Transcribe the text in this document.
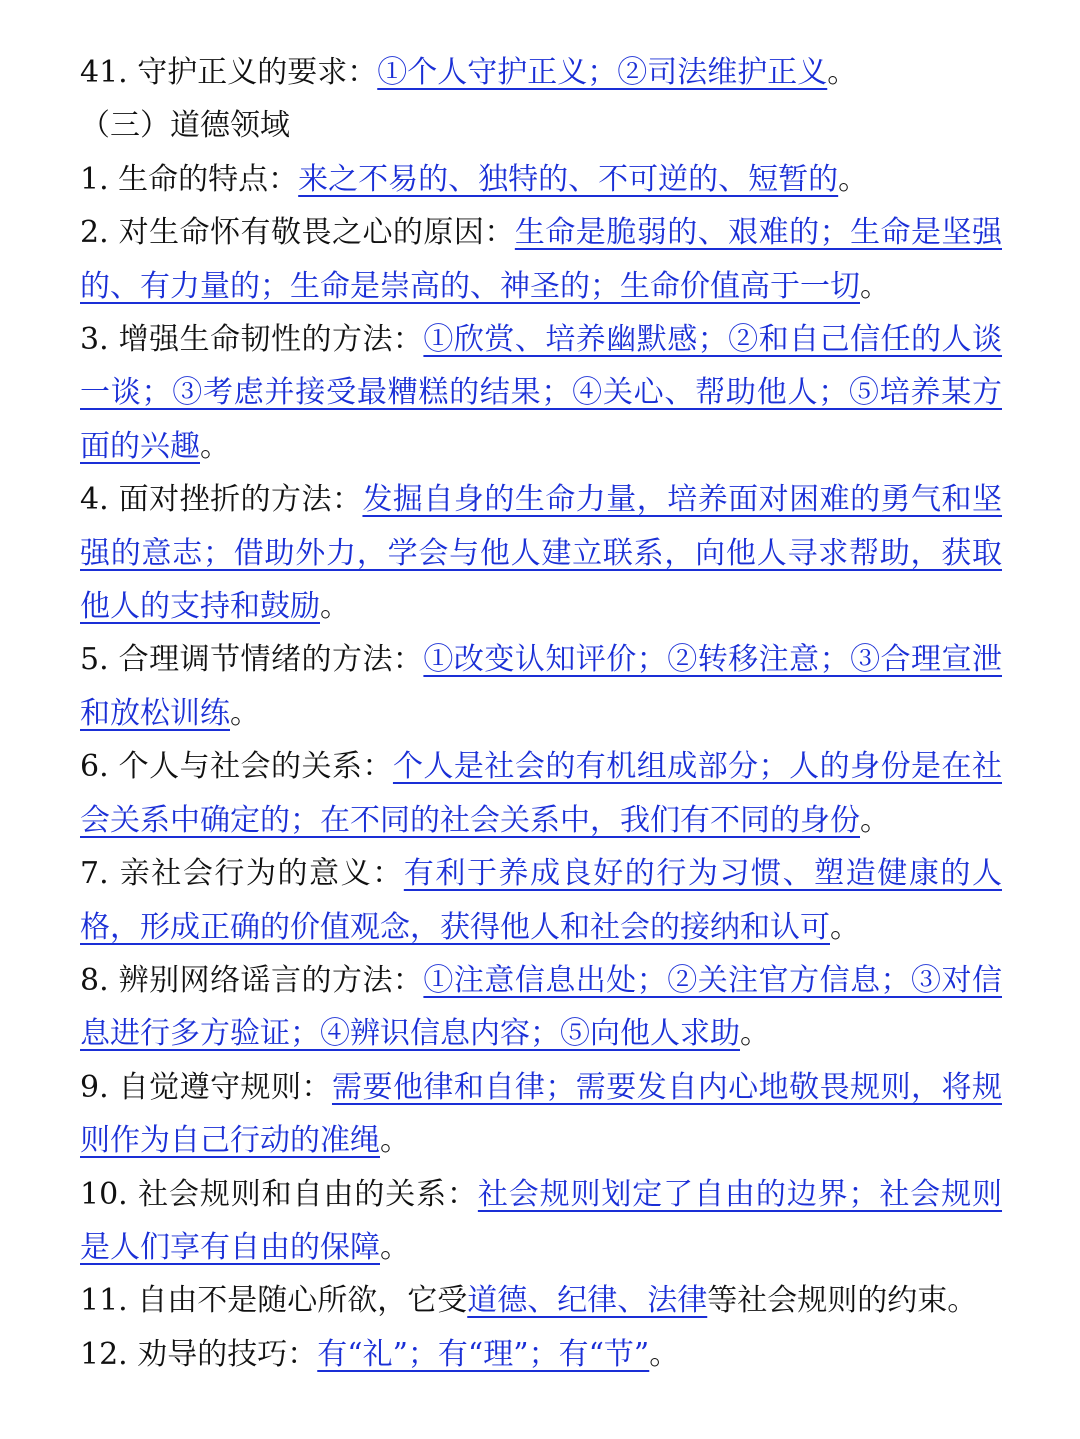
41. 守护正义的要求：①个人守护正义；②司法维护正义。

（三）道德领域

1. 生命的特点：来之不易的、独特的、不可逆的、短暂的。

2. 对生命怀有敬畏之心的原因：生命是脆弱的、艰难的；生命是坚强的、有力量的；生命是崇高的、神圣的；生命价值高于一切。

3. 增强生命韧性的方法：①欣赏、培养幽默感；②和自己信任的人谈一谈；③考虑并接受最糟糕的结果；④关心、帮助他人；⑤培养某方面的兴趣。

4. 面对挫折的方法：发掘自身的生命力量，培养面对困难的勇气和坚强的意志；借助外力，学会与他人建立联系，向他人寻求帮助，获取他人的支持和鼓励。

5. 合理调节情绪的方法：①改变认知评价；②转移注意；③合理宣泄和放松训练。

6. 个人与社会的关系：个人是社会的有机组成部分；人的身份是在社会关系中确定的；在不同的社会关系中，我们有不同的身份。

7. 亲社会行为的意义：有利于养成良好的行为习惯、塑造健康的人格，形成正确的价值观念，获得他人和社会的接纳和认可。

8. 辨别网络谣言的方法：①注意信息出处；②关注官方信息；③对信息进行多方验证；④辨识信息内容；⑤向他人求助。

9. 自觉遵守规则：需要他律和自律；需要发自内心地敬畏规则，将规则作为自己行动的准绳。

10. 社会规则和自由的关系：社会规则划定了自由的边界；社会规则是人们享有自由的保障。

11. 自由不是随心所欲，它受道德、纪律、法律等社会规则的约束。

12. 劝导的技巧：有“礼”；有“理”；有“节”。
